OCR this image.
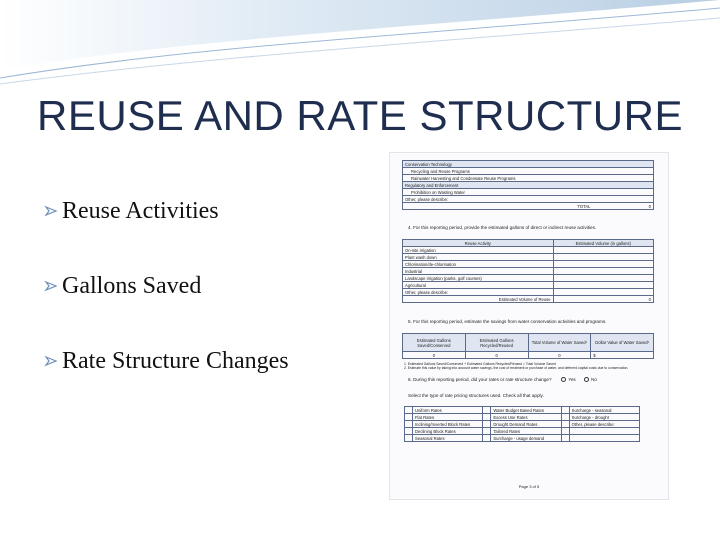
REUSE AND RATE STRUCTURE
Reuse Activities
Gallons Saved
Rate Structure Changes
Conservation Technology
Recycling and Reuse Programs
Rainwater Harvesting and Condensate Reuse Programs
Regulatory and Enforcement
Prohibition on Wasting Water
Other, please describe:
TOTAL	0
4. For this reporting period, provide the estimated gallons of direct or indirect reuse activities.
Reuse Activity	Estimated Volume (in gallons)
On-site irrigation	
Plant wash down	
Chlorination/de-chlorination	
Industrial	
Landscape irrigation (parks, golf courses)	
Agricultural	
Other, please describe:	
Estimated Volume of Reuse	0
5. For this reporting period, estimate the savings from water conservation activities and programs.
Estimated Gallons Saved/Conserved	Estimated Gallons Recycled/Reused	Total Volume of Water Saved¹	Dollar Value of Water Saved²
0	0	0	$
1. Estimated Gallons Saved/Conserved + Estimated Gallons Recycled/Reused = Total Volume Saved
2. Estimate this value by taking into account water savings, the cost of treatment or purchase of water, and deferred capital costs due to conservation.
6. During this reporting period, did your rates or rate structure change?	Yes	No
Select the type of rate pricing structures used. Check all that apply.
	Uniform Rates		Water Budget Based Rates		Surcharge - seasonal
	Flat Rates		Excess Use Rates		Surcharge - drought
	Inclining/Inverted Block Rates		Drought Demand Rates		Other, please describe:
	Declining Block Rates		Tailored Rates		
	Seasonal Rates		Surcharge - usage demand		
Page 3 of 5
